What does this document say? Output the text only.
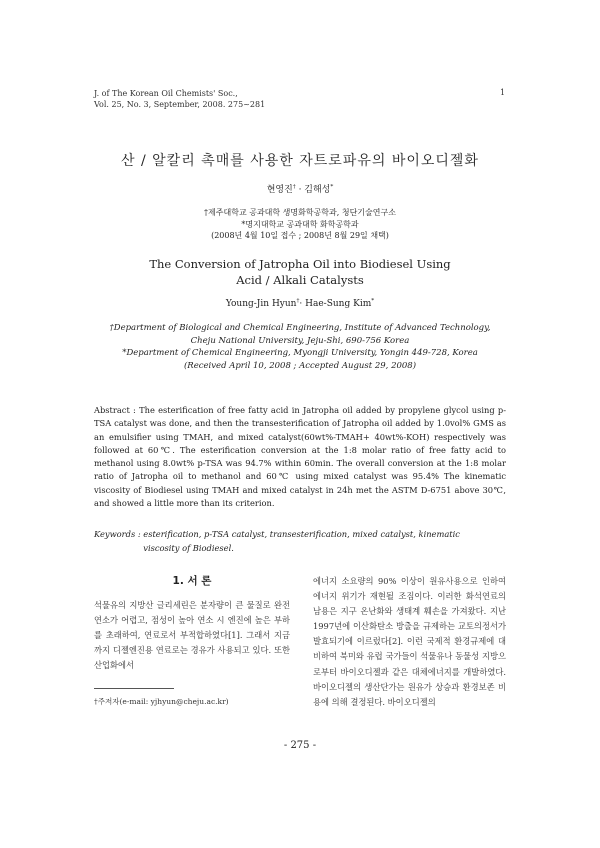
J. of The Korean Oil Chemists' Soc.,
Vol. 25, No. 3, September, 2008. 275~281
1
산 / 알칼리 촉매를 사용한 자트로파유의 바이오디젤화
현영진† · 김해성*
†제주대학교 공과대학 생명화학공학과, 청단기술연구소
*명지대학교 공과대학 화학공학과
(2008년 4월 10일 접수 ; 2008년 8월 29일 채택)
The Conversion of Jatropha Oil into Biodiesel Using
Acid / Alkali Catalysts
Young-Jin Hyun†· Hae-Sung Kim*
†Department of Biological and Chemical Engineering, Institute of Advanced Technology,
Cheju National University, Jeju-Shi, 690-756 Korea
*Department of Chemical Engineering, Myongji University, Yongin 449-728, Korea
(Received April 10, 2008 ; Accepted August 29, 2008)
Abstract : The esterification of free fatty acid in Jatropha oil added by propylene glycol using p-TSA catalyst was done, and then the transesterification of Jatropha oil added by 1.0vol% GMS as an emulsifier using TMAH, and mixed catalyst(60wt%-TMAH+ 40wt%-KOH) respectively was followed at 60℃. The esterification conversion at the 1:8 molar ratio of free fatty acid to methanol using 8.0wt% p-TSA was 94.7% within 60min. The overall conversion at the 1:8 molar ratio of Jatropha oil to methanol and 60℃ using mixed catalyst was 95.4% The kinematic viscosity of Biodiesel using TMAH and mixed catalyst in 24h met the ASTM D-6751 above 30℃, and showed a little more than its criterion.
Keywords : esterification, p-TSA catalyst, transesterification, mixed catalyst, kinematic viscosity of Biodiesel.
1. 서 론
석물유의 지방산 글리세린은 분자량이 큰 물질로 완전연소가 어렵고, 점성이 높아 연소 시 엔진에 높은 부하를 초래하여, 연료로서 부적합하였다[1]. 그래서 지금까지 디젤엔진용 연료로는 경유가 사용되고 있다. 또한 산업화에서
에너지 소요량의 90% 이상이 원유사용으로 인하여 에너지 위기가 재현될 조짐이다. 이러한 화석연료의 남용은 지구 온난화와 생태계 훼손을 가져왔다. 지난 1997년에 이산화탄소 방출을 규제하는 교토의정서가 발효되기에 이르렀다[2]. 이런 국제적 환경규제에 대비하여 북미와 유럽 국가들이 석물유나 동물성 지방으로부터 바이오디젤과 같은 대체에너지를 개발하였다. 바이오디젤의 생산단가는 원유가 상승과 환경보존 비용에 의해 결정된다. 바이오디젤의
†주저자(e-mail: yjhyun@cheju.ac.kr)
- 275 -
